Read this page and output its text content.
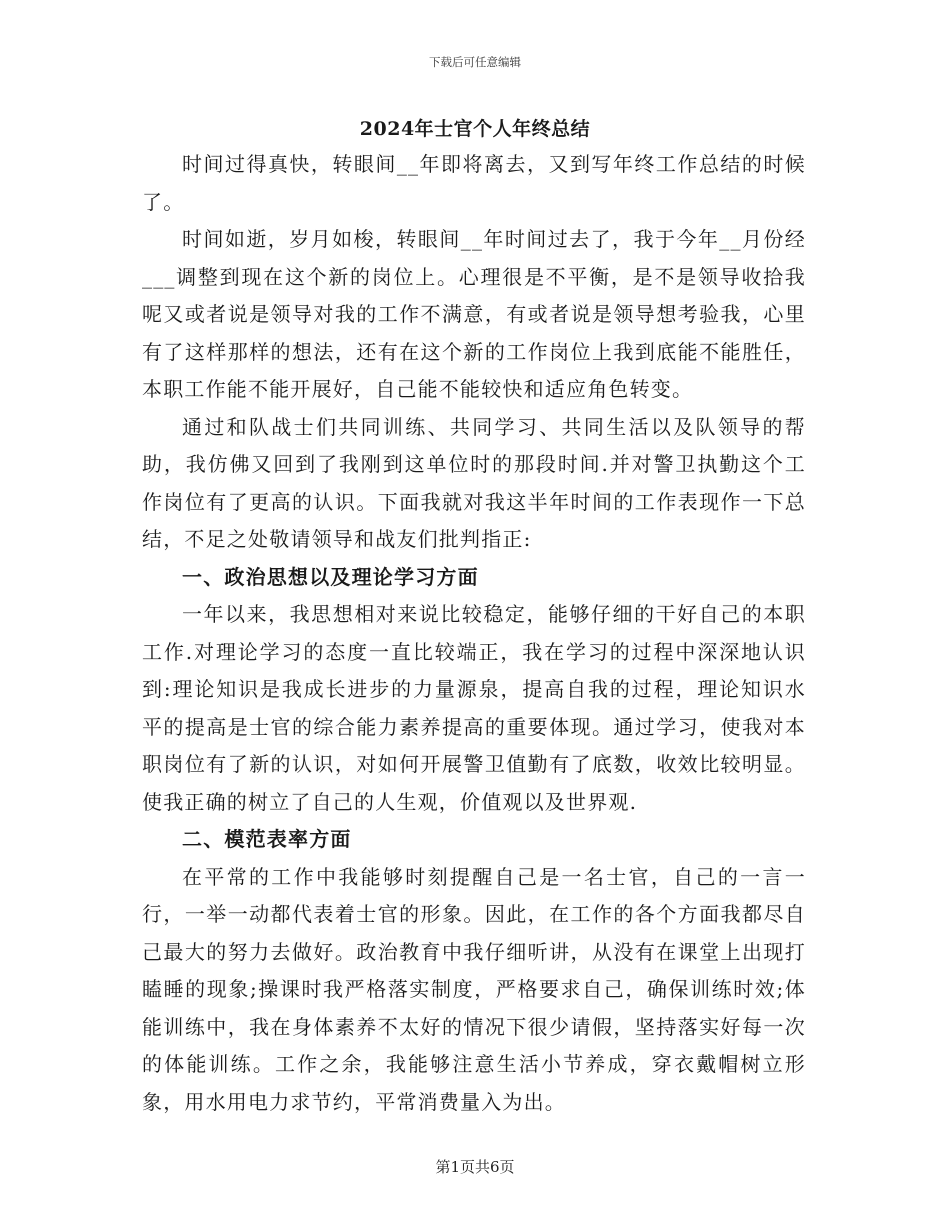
下载后可任意编辑
2024年士官个人年终总结

时间过得真快，转眼间__年即将离去，又到写年终工作总结的时候了。

时间如逝，岁月如梭，转眼间__年时间过去了，我于今年__月份经___调整到现在这个新的岗位上。心理很是不平衡，是不是领导收拾我呢又或者说是领导对我的工作不满意，有或者说是领导想考验我，心里有了这样那样的想法，还有在这个新的工作岗位上我到底能不能胜任，本职工作能不能开展好，自己能不能较快和适应角色转变。

通过和队战士们共同训练、共同学习、共同生活以及队领导的帮助，我仿佛又回到了我刚到这单位时的那段时间.并对警卫执勤这个工作岗位有了更高的认识。下面我就对我这半年时间的工作表现作一下总结，不足之处敬请领导和战友们批判指正:

一、政治思想以及理论学习方面

一年以来，我思想相对来说比较稳定，能够仔细的干好自己的本职工作.对理论学习的态度一直比较端正，我在学习的过程中深深地认识到:理论知识是我成长进步的力量源泉，提高自我的过程，理论知识水平的提高是士官的综合能力素养提高的重要体现。通过学习，使我对本职岗位有了新的认识，对如何开展警卫值勤有了底数，收效比较明显。使我正确的树立了自己的人生观，价值观以及世界观.

二、模范表率方面

在平常的工作中我能够时刻提醒自己是一名士官，自己的一言一行，一举一动都代表着士官的形象。因此，在工作的各个方面我都尽自己最大的努力去做好。政治教育中我仔细听讲，从没有在课堂上出现打瞌睡的现象;操课时我严格落实制度，严格要求自己，确保训练时效;体能训练中，我在身体素养不太好的情况下很少请假，坚持落实好每一次的体能训练。工作之余，我能够注意生活小节养成，穿衣戴帽树立形象，用水用电力求节约，平常消费量入为出。

第1页共6页
